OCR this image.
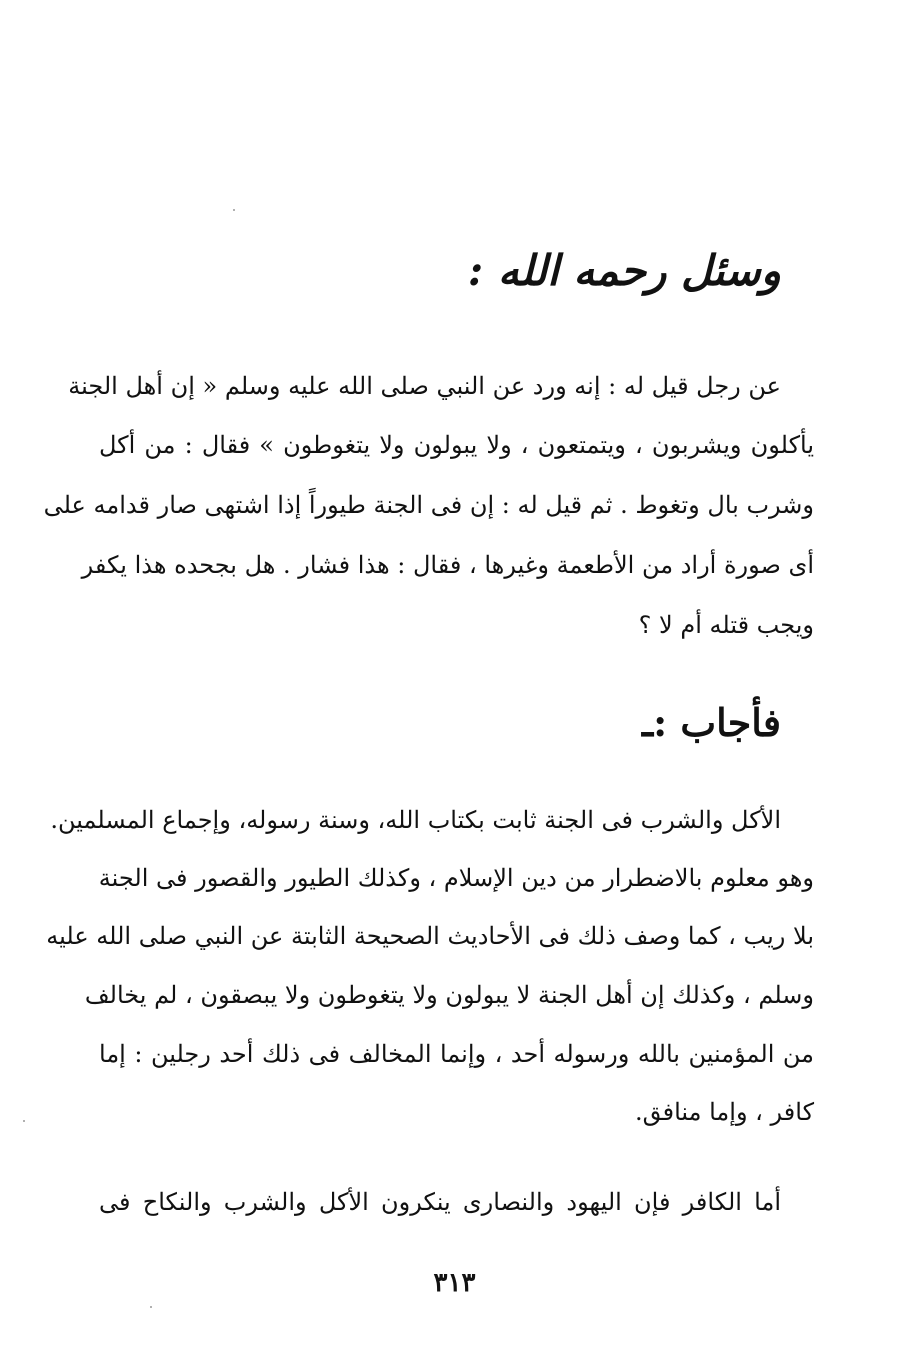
وسئل رحمه الله :
عن رجل قيل له : إنه ورد عن النبي صلى الله عليه وسلم « إن أهل الجنة
يأكلون ويشربون ، ويتمتعون ، ولا يبولون ولا يتغوطون » فقال : من أكل
وشرب بال وتغوط . ثم قيل له : إن فى الجنة طيوراً إذا اشتهى صار قدامه على
أى صورة أراد من الأطعمة وغيرها ، فقال : هذا فشار . هل بجحده هذا يكفر
ويجب قتله أم لا ؟
فأجاب :ـ
الأكل والشرب فى الجنة ثابت بكتاب الله، وسنة رسوله، وإجماع المسلمين.
وهو معلوم بالاضطرار من دين الإسلام ، وكذلك الطيور والقصور فى الجنة
بلا ريب ، كما وصف ذلك فى الأحاديث الصحيحة الثابتة عن النبي صلى الله عليه
وسلم ، وكذلك إن أهل الجنة لا يبولون ولا يتغوطون ولا يبصقون ، لم يخالف
من المؤمنين بالله ورسوله أحد ، وإنما المخالف فى ذلك أحد رجلين : إما
كافر ، وإما منافق.
أما الكافر فإن اليهود والنصارى ينكرون الأكل والشرب والنكاح فى
٣١٣
